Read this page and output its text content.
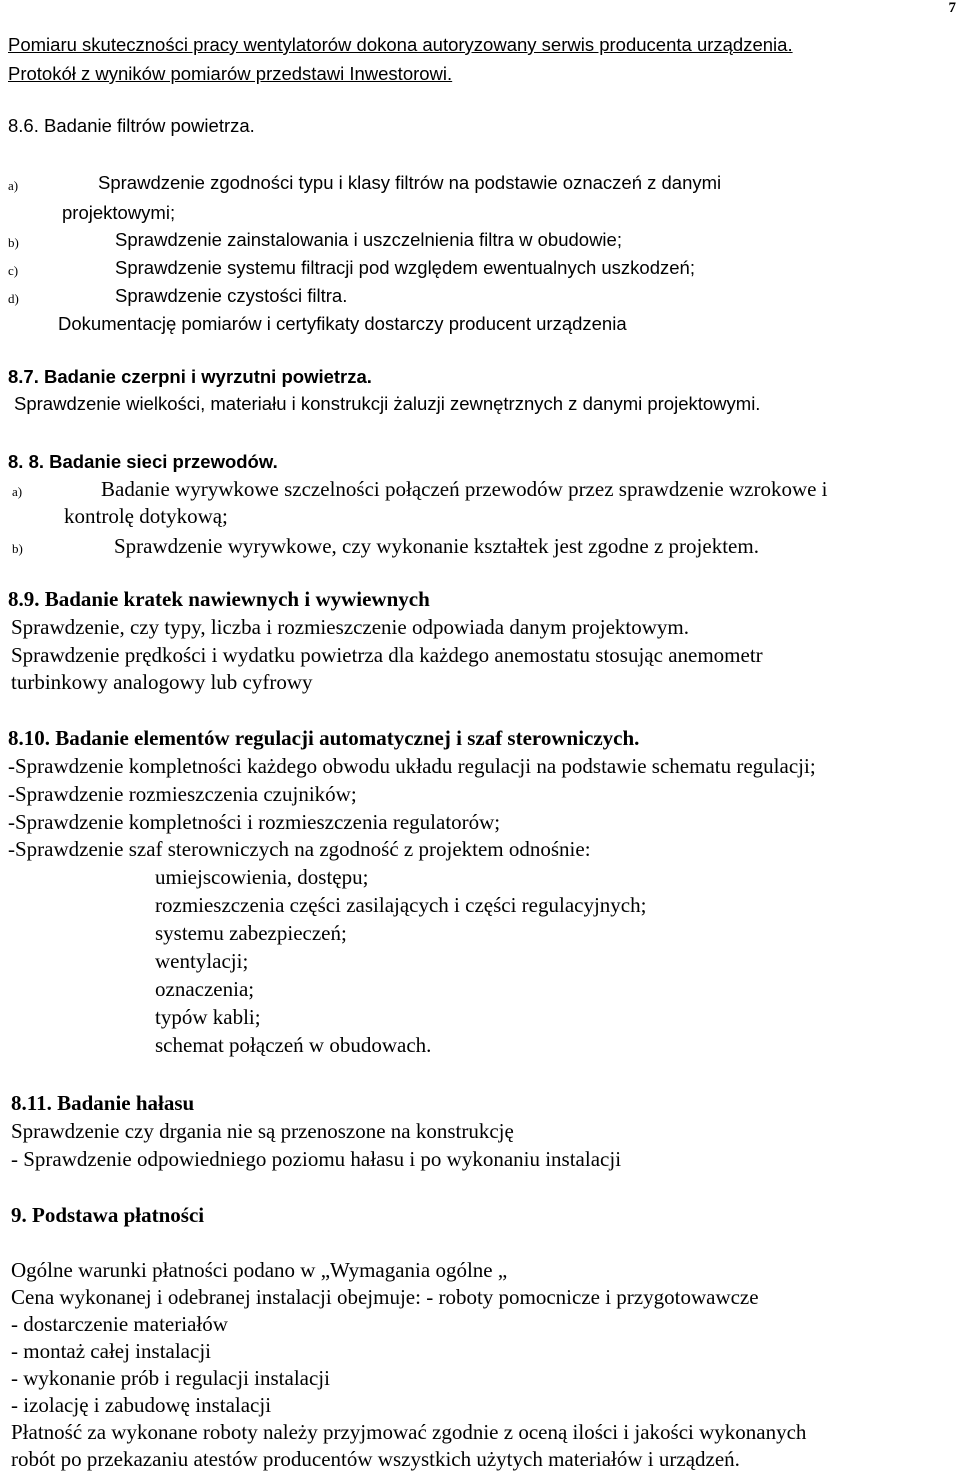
7
Pomiaru skuteczności pracy wentylatorów dokona autoryzowany serwis producenta urządzenia.
Protokół z wyników pomiarów przedstawi Inwestorowi.
8.6. Badanie filtrów powietrza.
a)	Sprawdzenie zgodności typu i klasy filtrów na podstawie oznaczeń z danymi
projektowymi;
b)	Sprawdzenie zainstalowania i uszczelnienia filtra w obudowie;
c)	Sprawdzenie systemu filtracji pod względem ewentualnych uszkodzeń;
d)	Sprawdzenie czystości filtra.
Dokumentację pomiarów i certyfikaty dostarczy producent urządzenia
8.7. Badanie czerpni i wyrzutni powietrza.
Sprawdzenie wielkości, materiału i konstrukcji żaluzji zewnętrznych z danymi projektowymi.
8. 8. Badanie sieci przewodów.
a)	Badanie wyrywkowe szczelności połączeń przewodów przez sprawdzenie wzrokowe i
kontrolę dotykową;
b)	Sprawdzenie wyrywkowe, czy wykonanie kształtek jest zgodne z projektem.
8.9. Badanie kratek nawiewnych i wywiewnych
Sprawdzenie, czy typy, liczba i rozmieszczenie odpowiada danym projektowym.
Sprawdzenie prędkości i wydatku powietrza dla każdego anemostatu stosując anemometr
turbinkowy analogowy lub cyfrowy
8.10. Badanie elementów regulacji automatycznej i szaf sterowniczych.
-Sprawdzenie kompletności każdego obwodu układu regulacji na podstawie schematu regulacji;
-Sprawdzenie rozmieszczenia czujników;
-Sprawdzenie kompletności i rozmieszczenia regulatorów;
-Sprawdzenie szaf sterowniczych na zgodność z projektem odnośnie:
umiejscowienia, dostępu;
rozmieszczenia części zasilających i części regulacyjnych;
systemu zabezpieczeń;
wentylacji;
oznaczenia;
typów kabli;
schemat połączeń w obudowach.
8.11. Badanie hałasu
Sprawdzenie czy drgania nie są przenoszone na konstrukcję
- Sprawdzenie odpowiedniego poziomu hałasu i po wykonaniu instalacji
9. Podstawa płatności
Ogólne warunki płatności podano w „Wymagania ogólne „
Cena wykonanej i odebranej instalacji obejmuje: - roboty pomocnicze i przygotowawcze
- dostarczenie materiałów
- montaż całej instalacji
- wykonanie prób i regulacji instalacji
- izolację i zabudowę instalacji
Płatność za wykonane roboty należy przyjmować zgodnie z oceną ilości i jakości wykonanych
robót po przekazaniu atestów producentów wszystkich użytych materiałów i urządzeń.
